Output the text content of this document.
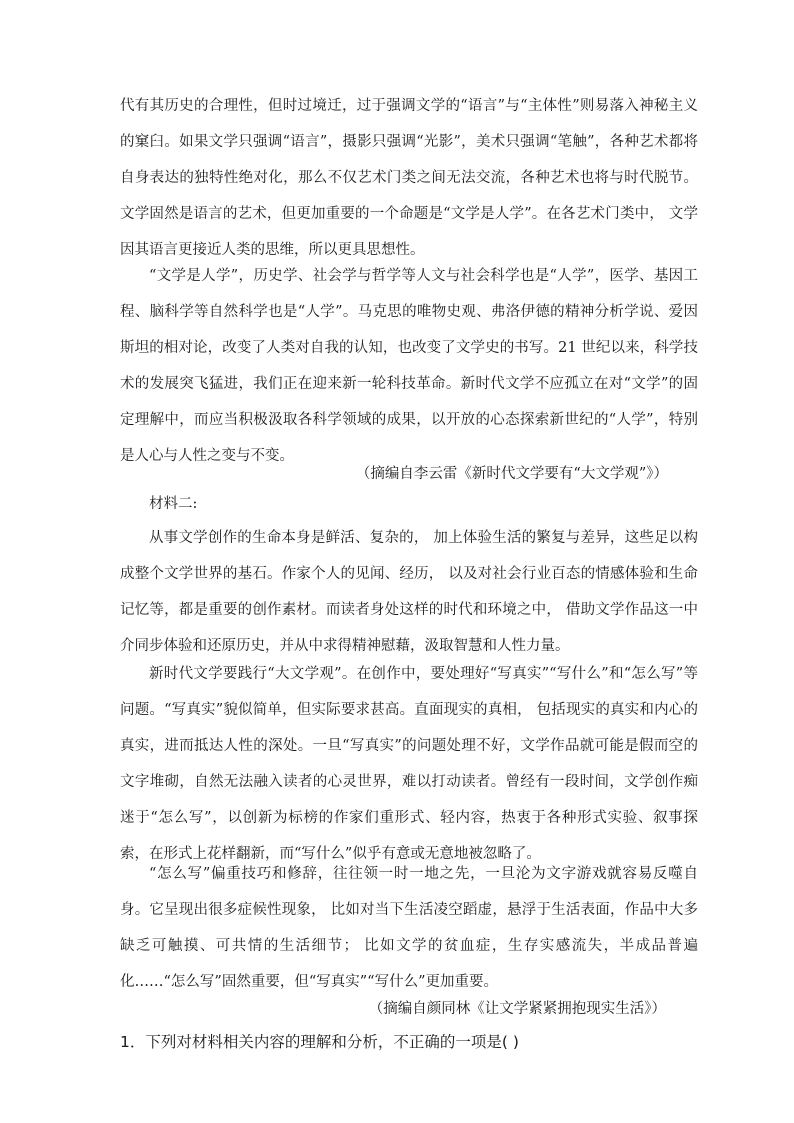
代有其历史的合理性，但时过境迁，过于强调文学的“语言”与“主体性”则易落入神秘主义的窠臼。如果文学只强调“语言”，摄影只强调“光影”，美术只强调“笔触”，各种艺术都将自身表达的独特性绝对化，那么不仅艺术门类之间无法交流，各种艺术也将与时代脱节。文学固然是语言的艺术，但更加重要的一个命题是“文学是人学”。在各艺术门类中， 文学因其语言更接近人类的思维，所以更具思想性。

“文学是人学”，历史学、社会学与哲学等人文与社会科学也是“人学”，医学、基因工程、脑科学等自然科学也是“人学”。马克思的唯物史观、弗洛伊德的精神分析学说、爱因斯坦的相对论，改变了人类对自我的认知，也改变了文学史的书写。21 世纪以来，科学技术的发展突飞猛进，我们正在迎来新一轮科技革命。新时代文学不应孤立在对“文学”的固定理解中，而应当积极汲取各科学领域的成果，以开放的心态探索新世纪的“人学”，特别是人心与人性之变与不变。

（摘编自李云雷《新时代文学要有“大文学观”》）

材料二:

从事文学创作的生命本身是鲜活、复杂的， 加上体验生活的繁复与差异，这些足以构成整个文学世界的基石。作家个人的见闻、经历， 以及对社会行业百态的情感体验和生命记忆等，都是重要的创作素材。而读者身处这样的时代和环境之中， 借助文学作品这一中介同步体验和还原历史，并从中求得精神慰藉，汲取智慧和人性力量。

新时代文学要践行“大文学观”。在创作中，要处理好“写真实”“写什么”和“怎么写”等问题。“写真实”貌似简单，但实际要求甚高。直面现实的真相， 包括现实的真实和内心的真实，进而抵达人性的深处。一旦“写真实”的问题处理不好，文学作品就可能是假而空的文字堆砌，自然无法融入读者的心灵世界，难以打动读者。曾经有一段时间，文学创作痴迷于“怎么写”，以创新为标榜的作家们重形式、轻内容，热衷于各种形式实验、叙事探索，在形式上花样翻新，而“写什么”似乎有意或无意地被忽略了。

“怎么写”偏重技巧和修辞，往往领一时一地之先，一旦沦为文字游戏就容易反噬自身。它呈现出很多症候性现象， 比如对当下生活凌空蹈虚，悬浮于生活表面，作品中大多缺乏可触摸、可共情的生活细节； 比如文学的贫血症，生存实感流失，半成品普遍化……“怎么写”固然重要，但“写真实”“写什么”更加重要。

（摘编自颜同林《让文学紧紧拥抱现实生活》）

1．下列对材料相关内容的理解和分析，不正确的一项是( )
